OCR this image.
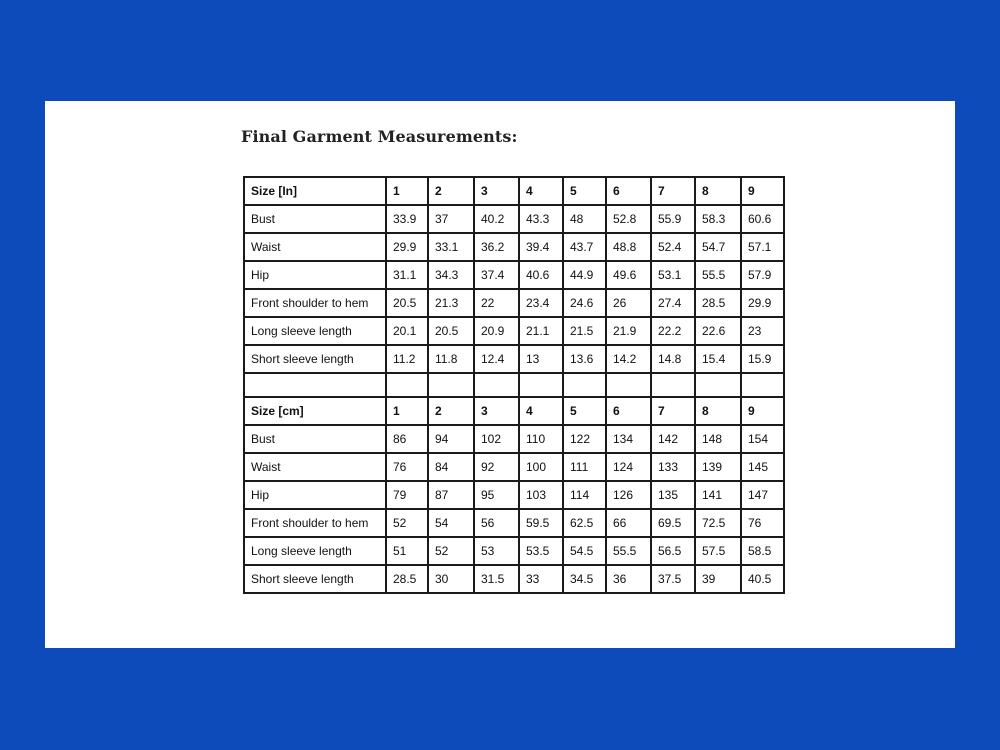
Final Garment Measurements:
Size [In]	1	2	3	4	5	6	7	8	9
Bust	33.9	37	40.2	43.3	48	52.8	55.9	58.3	60.6
Waist	29.9	33.1	36.2	39.4	43.7	48.8	52.4	54.7	57.1
Hip	31.1	34.3	37.4	40.6	44.9	49.6	53.1	55.5	57.9
Front shoulder to hem	20.5	21.3	22	23.4	24.6	26	27.4	28.5	29.9
Long sleeve length	20.1	20.5	20.9	21.1	21.5	21.9	22.2	22.6	23
Short sleeve length	11.2	11.8	12.4	13	13.6	14.2	14.8	15.4	15.9

Size [cm]	1	2	3	4	5	6	7	8	9
Bust	86	94	102	110	122	134	142	148	154
Waist	76	84	92	100	111	124	133	139	145
Hip	79	87	95	103	114	126	135	141	147
Front shoulder to hem	52	54	56	59.5	62.5	66	69.5	72.5	76
Long sleeve length	51	52	53	53.5	54.5	55.5	56.5	57.5	58.5
Short sleeve length	28.5	30	31.5	33	34.5	36	37.5	39	40.5
